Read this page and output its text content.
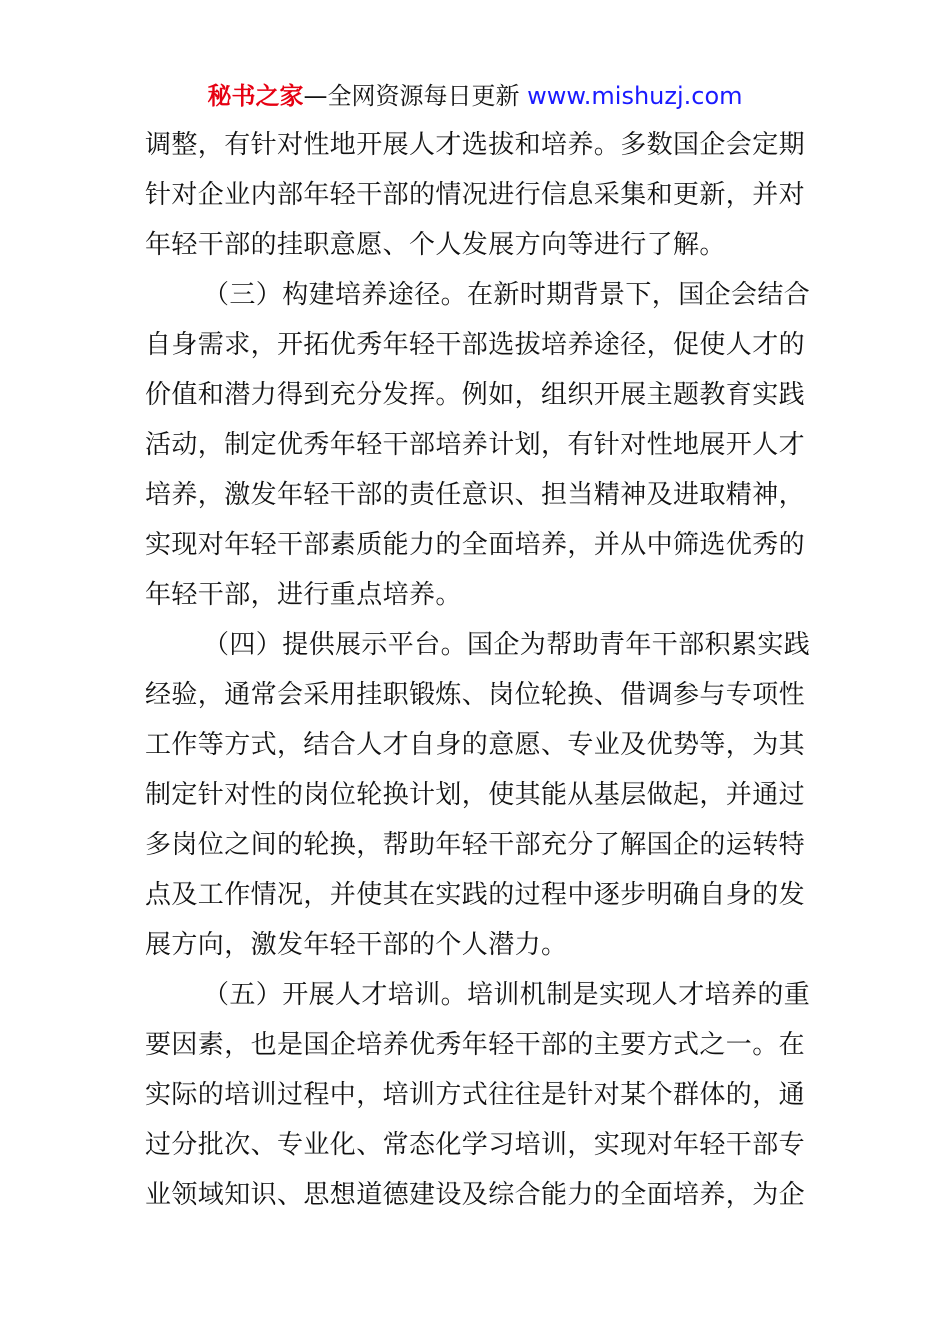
秘书之家—全网资源每日更新 www.mishuzj.com
调整，有针对性地开展人才选拔和培养。多数国企会定期
针对企业内部年轻干部的情况进行信息采集和更新，并对
年轻干部的挂职意愿、个人发展方向等进行了解。
（三）构建培养途径。在新时期背景下，国企会结合
自身需求，开拓优秀年轻干部选拔培养途径，促使人才的
价值和潜力得到充分发挥。例如，组织开展主题教育实践
活动，制定优秀年轻干部培养计划，有针对性地展开人才
培养，激发年轻干部的责任意识、担当精神及进取精神，
实现对年轻干部素质能力的全面培养，并从中筛选优秀的
年轻干部，进行重点培养。
（四）提供展示平台。国企为帮助青年干部积累实践
经验，通常会采用挂职锻炼、岗位轮换、借调参与专项性
工作等方式，结合人才自身的意愿、专业及优势等，为其
制定针对性的岗位轮换计划，使其能从基层做起，并通过
多岗位之间的轮换，帮助年轻干部充分了解国企的运转特
点及工作情况，并使其在实践的过程中逐步明确自身的发
展方向，激发年轻干部的个人潜力。
（五）开展人才培训。培训机制是实现人才培养的重
要因素，也是国企培养优秀年轻干部的主要方式之一。在
实际的培训过程中，培训方式往往是针对某个群体的，通
过分批次、专业化、常态化学习培训，实现对年轻干部专
业领域知识、思想道德建设及综合能力的全面培养，为企
